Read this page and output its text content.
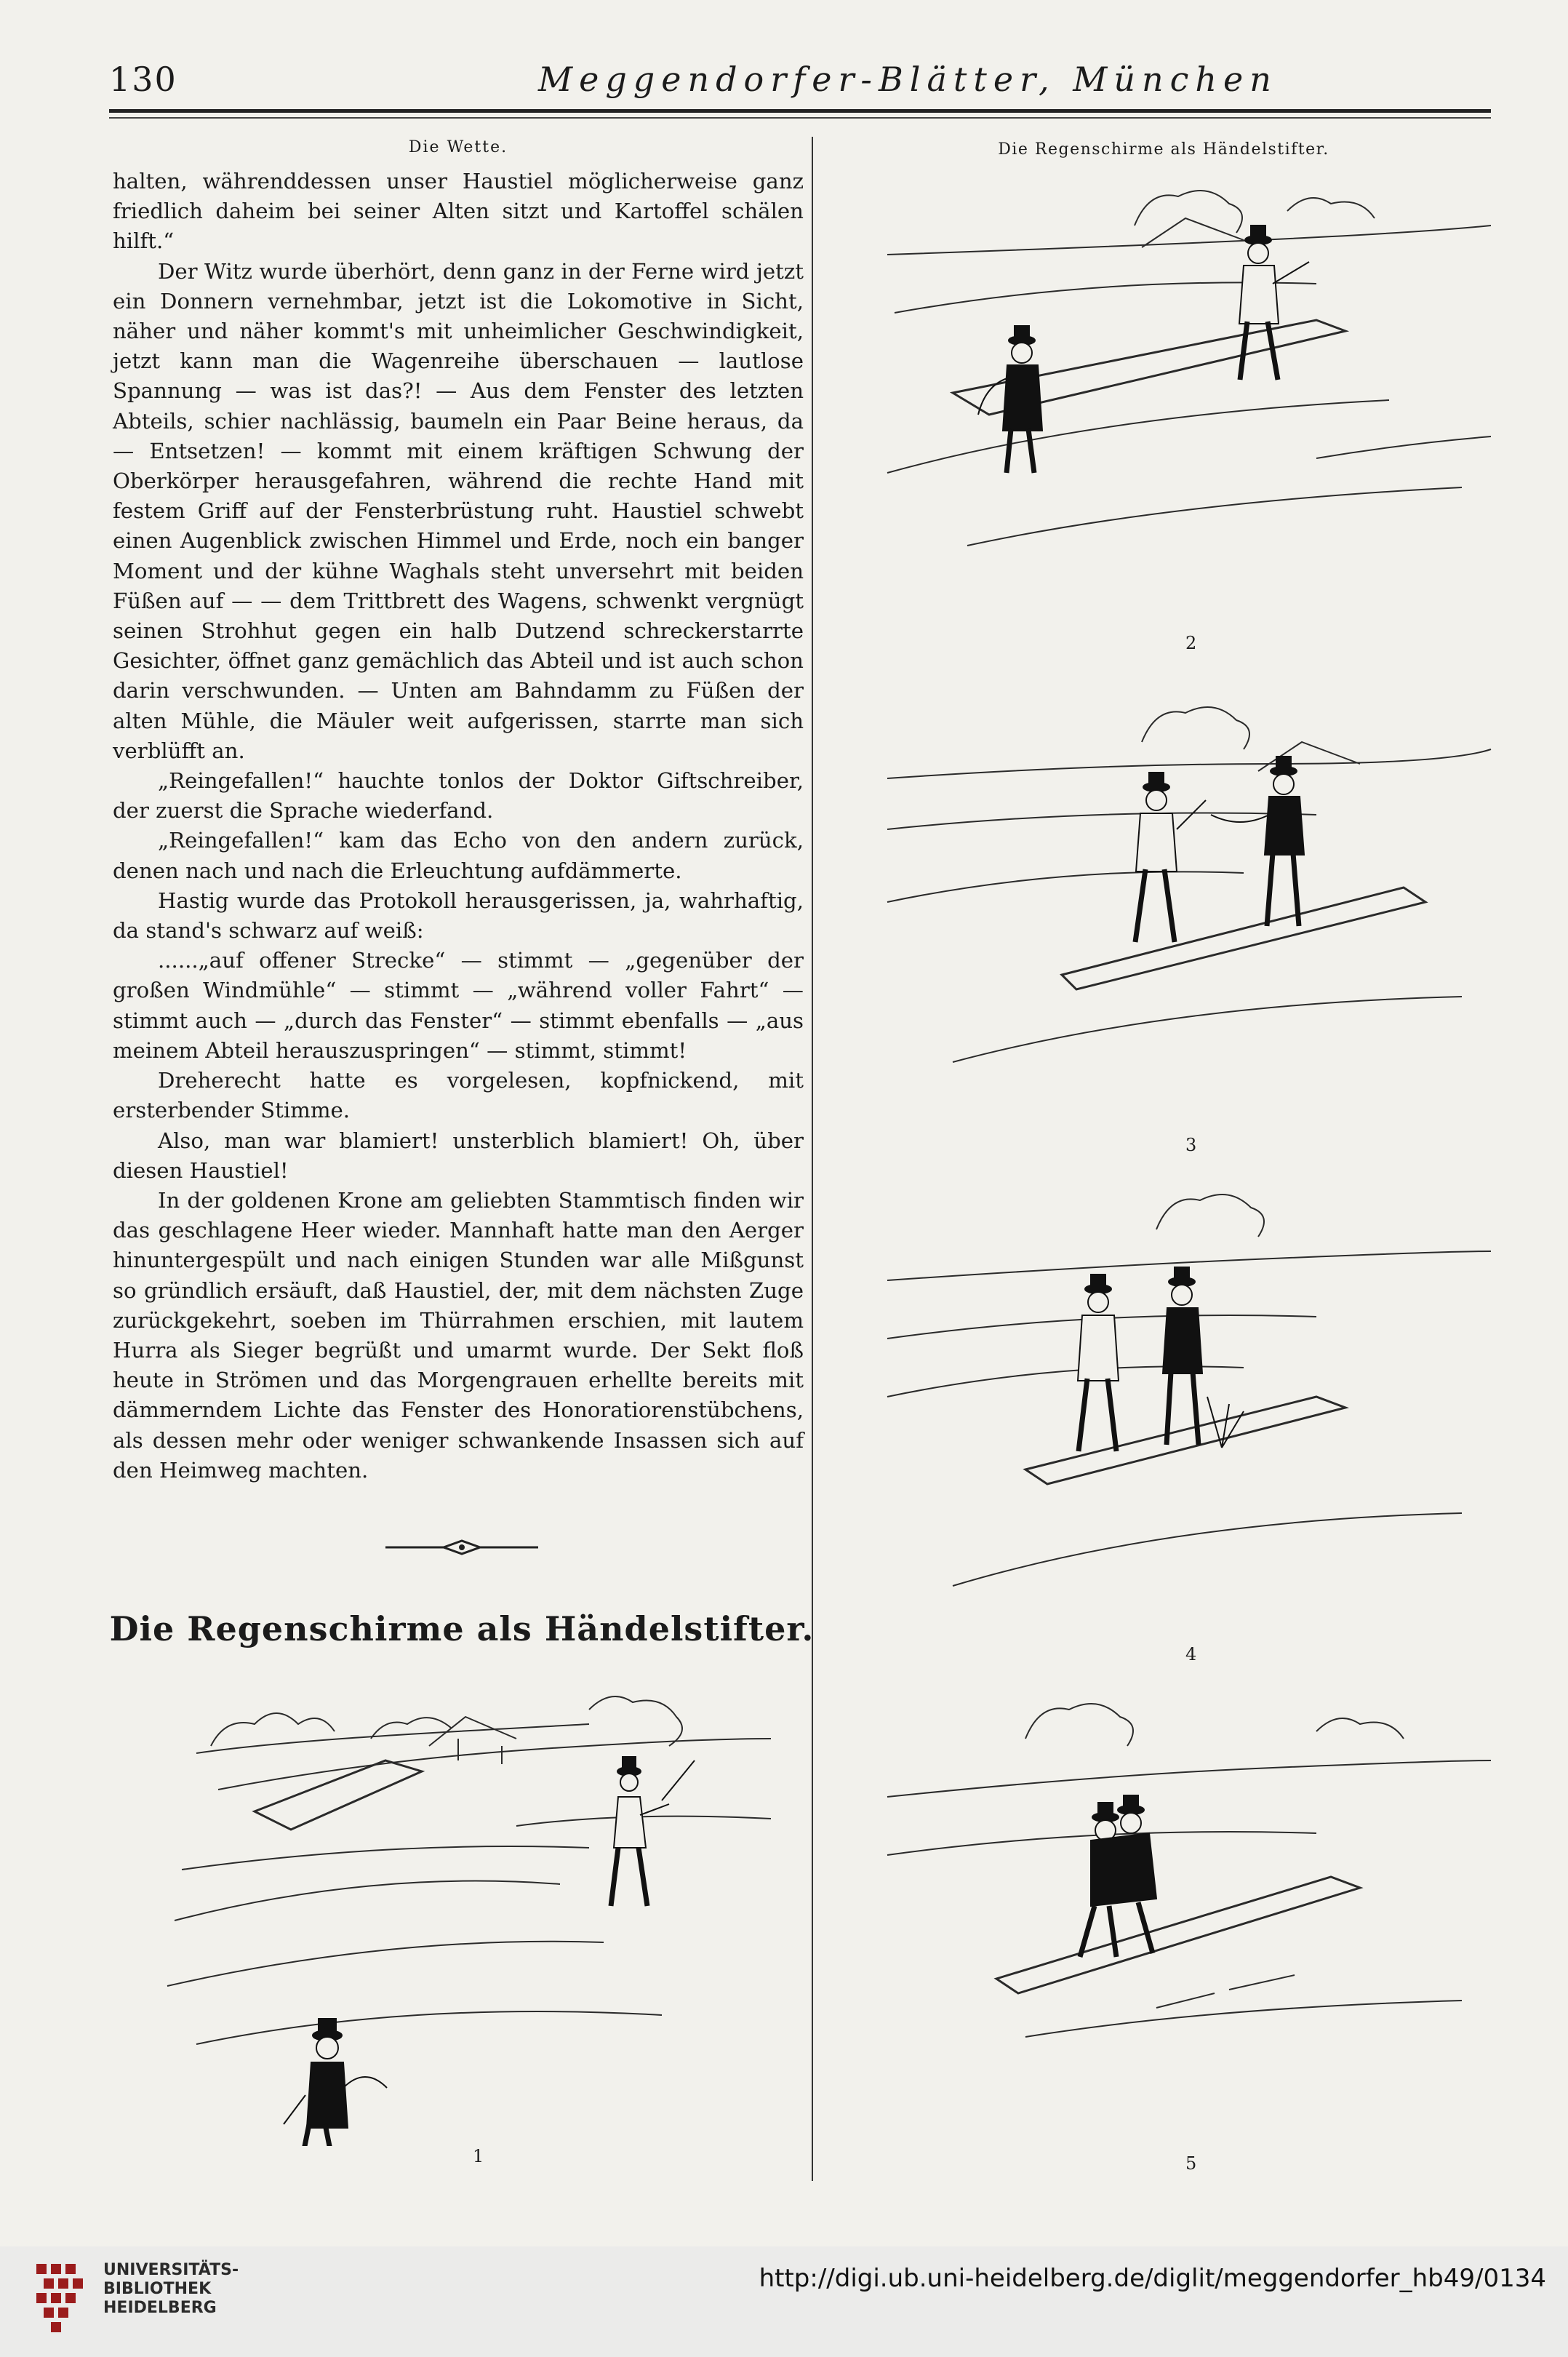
130	Meggendorfer-Blätter, München
Die Wette.

halten, währenddessen unser Haustiel möglicherweise ganz friedlich daheim bei seiner Alten sitzt und Kartoffel schälen hilft.“

Der Witz wurde überhört, denn ganz in der Ferne wird jetzt ein Donnern vernehmbar, jetzt ist die Lokomotive in Sicht, näher und näher kommt's mit unheimlicher Geschwindigkeit, jetzt kann man die Wagenreihe überschauen — lautlose Spannung — was ist das?! — Aus dem Fenster des letzten Abteils, schier nachlässig, baumeln ein Paar Beine heraus, da — Entsetzen! — kommt mit einem kräftigen Schwung der Oberkörper herausgefahren, während die rechte Hand mit festem Griff auf der Fensterbrüstung ruht. Haustiel schwebt einen Augenblick zwischen Himmel und Erde, noch ein banger Moment und der kühne Waghals steht unversehrt mit beiden Füßen auf — — dem Trittbrett des Wagens, schwenkt vergnügt seinen Strohhut gegen ein halb Dutzend schreckerstarrte Gesichter, öffnet ganz gemächlich das Abteil und ist auch schon darin verschwunden. — Unten am Bahndamm zu Füßen der alten Mühle, die Mäuler weit aufgerissen, starrte man sich verblüfft an.

„Reingefallen!“ hauchte tonlos der Doktor Giftschreiber, der zuerst die Sprache wiederfand.

„Reingefallen!“ kam das Echo von den andern zurück, denen nach und nach die Erleuchtung aufdämmerte.

Hastig wurde das Protokoll herausgerissen, ja, wahrhaftig, da stand's schwarz auf weiß:

......„auf offener Strecke“ — stimmt — „gegenüber der großen Windmühle“ — stimmt — „während voller Fahrt“ — stimmt auch — „durch das Fenster“ — stimmt ebenfalls — „aus meinem Abteil herauszuspringen“ — stimmt, stimmt!

Dreherecht hatte es vorgelesen, kopfnickend, mit ersterbender Stimme.

Also, man war blamiert! unsterblich blamiert! Oh, über diesen Haustiel!

In der goldenen Krone am geliebten Stammtisch finden wir das geschlagene Heer wieder. Mannhaft hatte man den Aerger hinuntergespült und nach einigen Stunden war alle Mißgunst so gründlich ersäuft, daß Haustiel, der, mit dem nächsten Zuge zurückgekehrt, soeben im Thürrahmen erschien, mit lautem Hurra als Sieger begrüßt und umarmt wurde. Der Sekt floß heute in Strömen und das Morgengrauen erhellte bereits mit dämmerndem Lichte das Fenster des Honoratiorenstübchens, als dessen mehr oder weniger schwankende Insassen sich auf den Heimweg machten.

Die Regenschirme als Händelstifter.
Die Regenschirme als Händelstifter.
1
2
3
4
5
UNIVERSITÄTS-
BIBLIOTHEK
HEIDELBERG
http://digi.ub.uni-heidelberg.de/diglit/meggendorfer_hb49/0134
